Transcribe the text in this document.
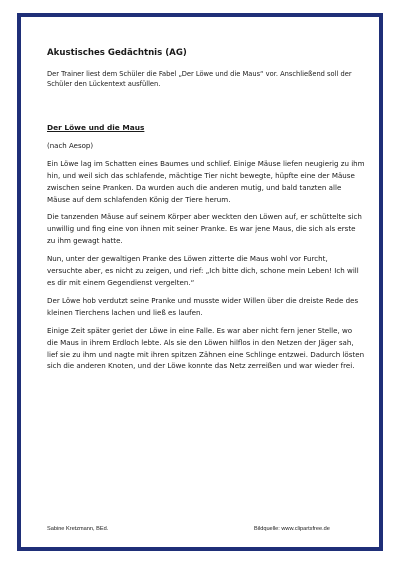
Akustisches Gedächtnis (AG)

Der Trainer liest dem Schüler die Fabel „Der Löwe und die Maus“ vor. Anschließend soll der Schüler den Lückentext ausfüllen.

Der Löwe und die Maus

(nach Aesop)

Ein Löwe lag im Schatten eines Baumes und schlief. Einige Mäuse liefen neugierig zu ihm hin, und weil sich das schlafende, mächtige Tier nicht bewegte, hüpfte eine der Mäuse zwischen seine Pranken. Da wurden auch die anderen mutig, und bald tanzten alle Mäuse auf dem schlafenden König der Tiere herum.

Die tanzenden Mäuse auf seinem Körper aber weckten den Löwen auf, er schüttelte sich unwillig und fing eine von ihnen mit seiner Pranke. Es war jene Maus, die sich als erste zu ihm gewagt hatte.

Nun, unter der gewaltigen Pranke des Löwen zitterte die Maus wohl vor Furcht, versuchte aber, es nicht zu zeigen, und rief: „Ich bitte dich, schone mein Leben! Ich will es dir mit einem Gegendienst vergelten.“

Der Löwe hob verdutzt seine Pranke und musste wider Willen über die dreiste Rede des kleinen Tierchens lachen und ließ es laufen.

Einige Zeit später geriet der Löwe in eine Falle. Es war aber nicht fern jener Stelle, wo die Maus in ihrem Erdloch lebte. Als sie den Löwen hilflos in den Netzen der Jäger sah, lief sie zu ihm und nagte mit ihren spitzen Zähnen eine Schlinge entzwei. Dadurch lösten sich die anderen Knoten, und der Löwe konnte das Netz zerreißen und war wieder frei.

Sabine Kretzmann, BEd.	Bildquelle: www.clipartsfree.de
